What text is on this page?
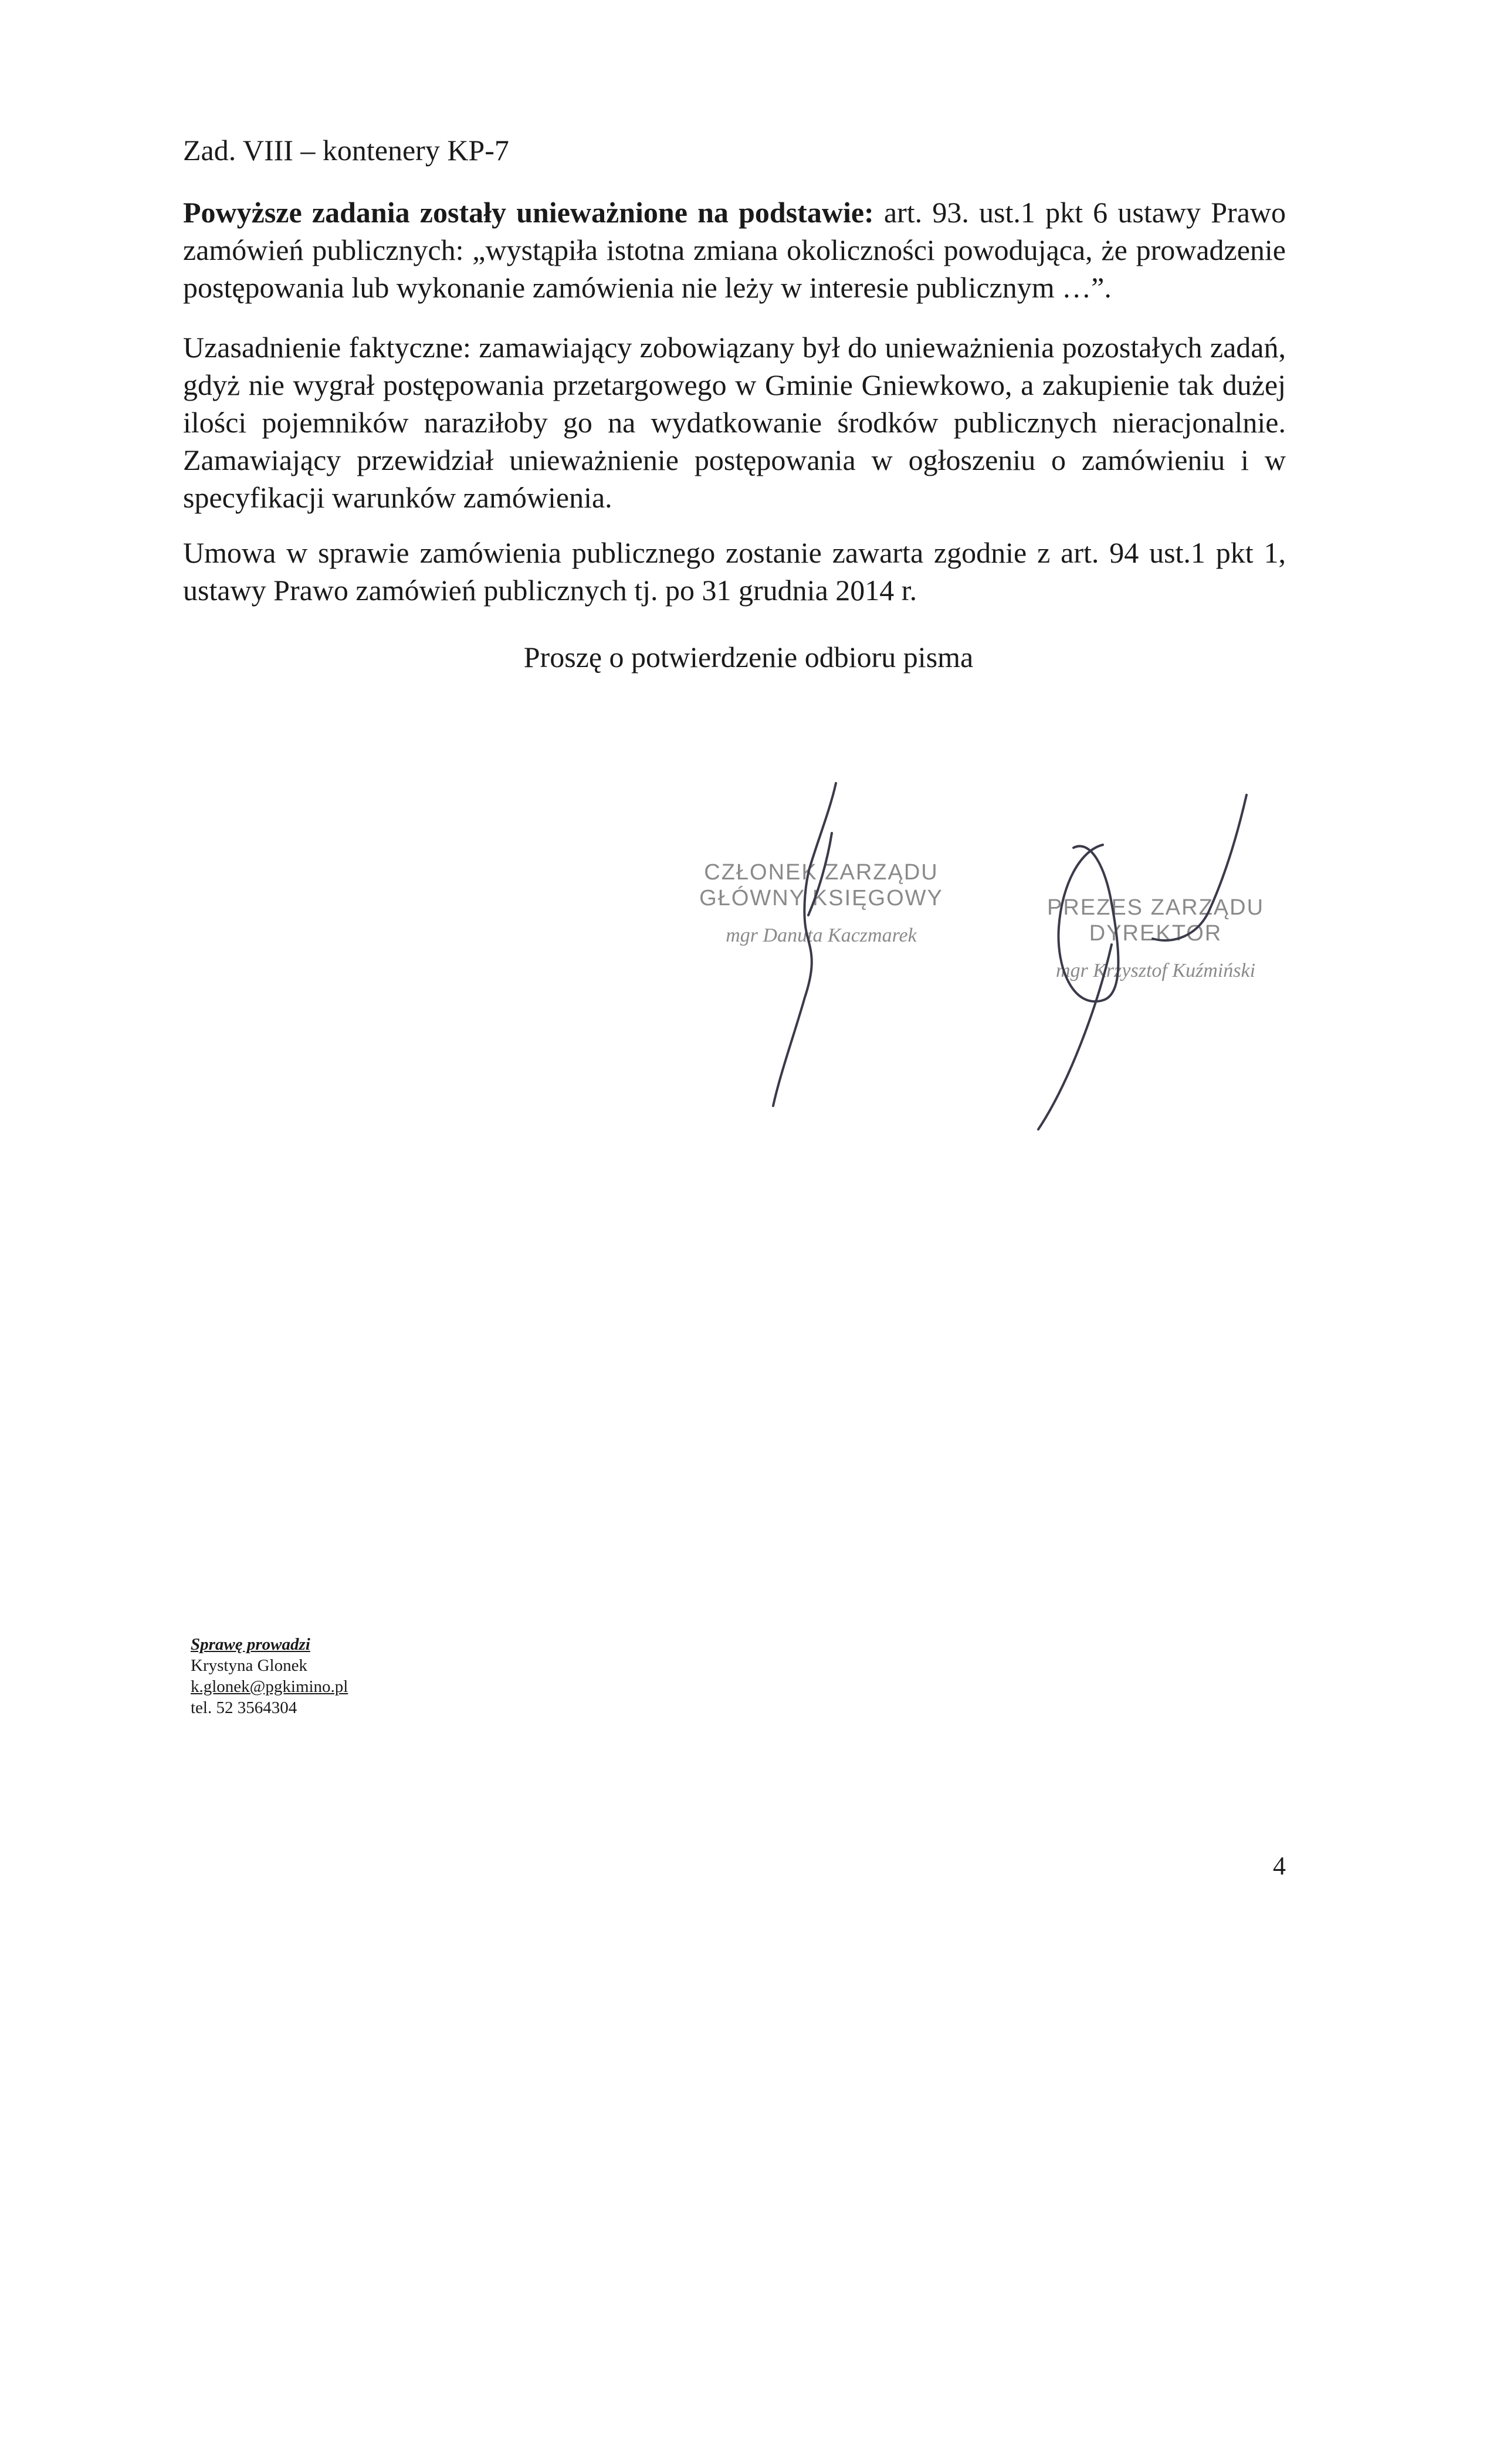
Zad. VIII – kontenery KP-7
Powyższe zadania zostały unieważnione na podstawie: art. 93. ust.1 pkt 6 ustawy Prawo zamówień publicznych: „wystąpiła istotna zmiana okoliczności powodująca, że prowadzenie postępowania lub wykonanie zamówienia nie leży w interesie publicznym …”.
Uzasadnienie faktyczne: zamawiający zobowiązany był do unieważnienia pozostałych zadań, gdyż nie wygrał postępowania przetargowego w Gminie Gniewkowo, a zakupienie tak dużej ilości pojemników naraziłoby go na wydatkowanie środków publicznych nieracjonalnie. Zamawiający przewidział unieważnienie postępowania w ogłoszeniu o zamówieniu i w specyfikacji warunków zamówienia.
Umowa w sprawie zamówienia publicznego zostanie zawarta zgodnie z art. 94 ust.1 pkt 1, ustawy Prawo zamówień publicznych tj. po 31 grudnia 2014 r.
Proszę o potwierdzenie odbioru pisma
CZŁONEK ZARZĄDU
GŁÓWNY KSIĘGOWY
mgr Danuta Kaczmarek
PREZES ZARZĄDU
DYREKTOR
mgr Krzysztof Kuźmiński
Sprawę prowadzi
Krystyna Glonek
k.glonek@pgkimino.pl
tel. 52 3564304
4
